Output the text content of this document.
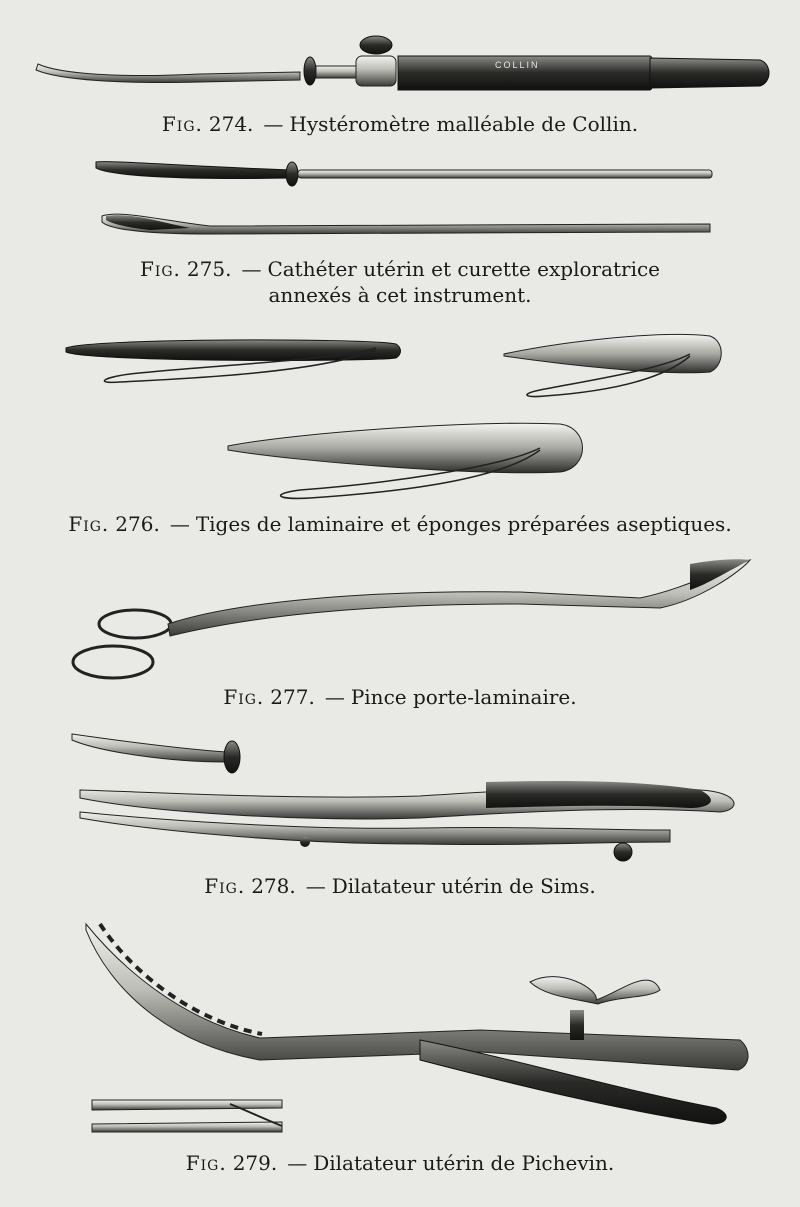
COLLIN
Fig. 274. — Hystéromètre malléable de Collin.
Fig. 275. — Cathéter utérin et curette exploratrice
annexés à cet instrument.
Fig. 276. — Tiges de laminaire et éponges préparées aseptiques.
Fig. 277. — Pince porte-laminaire.
Fig. 278. — Dilatateur utérin de Sims.
Fig. 279. — Dilatateur utérin de Pichevin.
